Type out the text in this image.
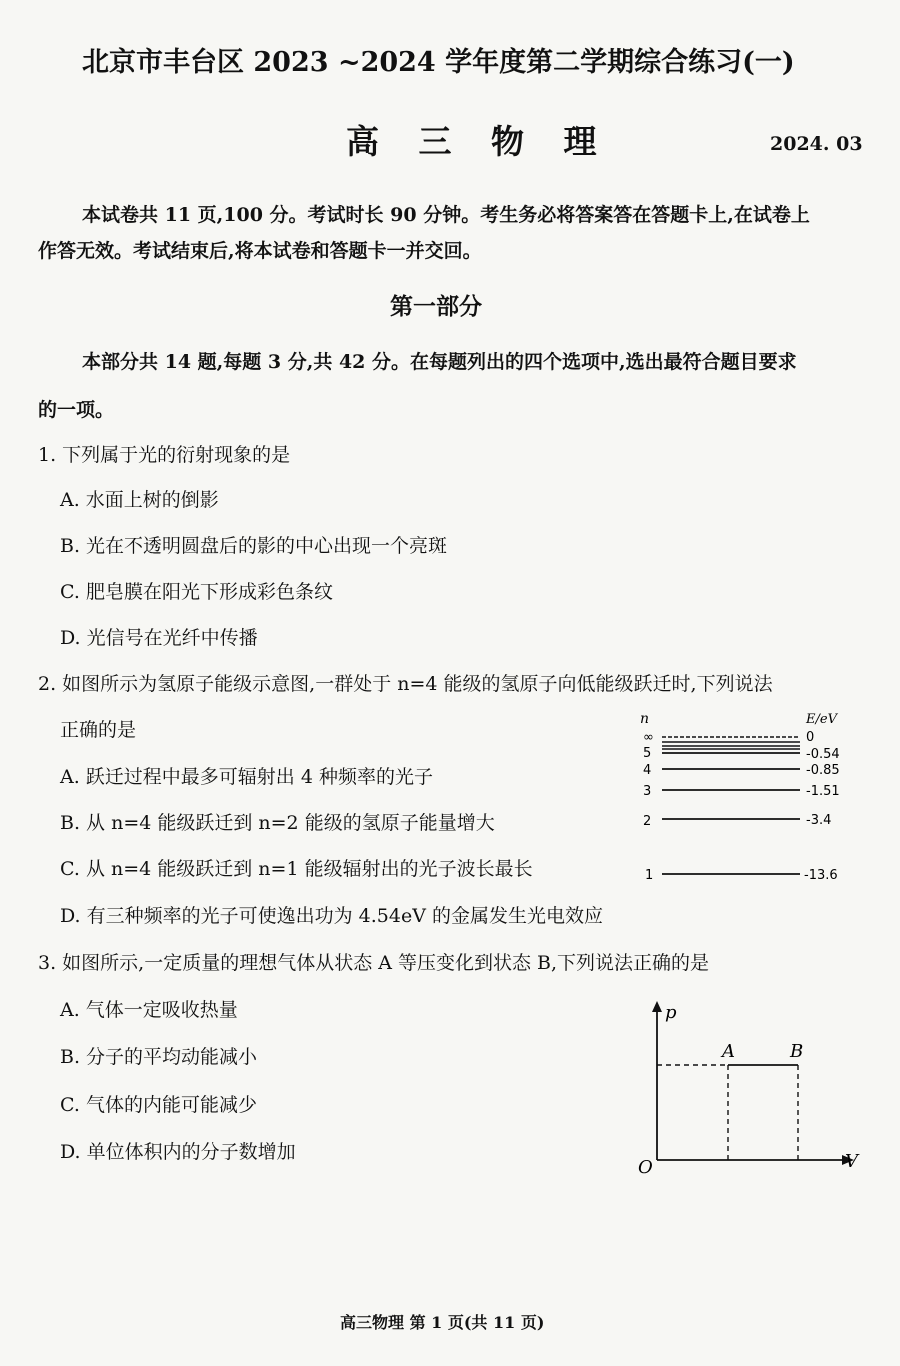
北京市丰台区 2023 ~2024 学年度第二学期综合练习(一)
高 三 物 理	2024. 03
本试卷共 11 页,100 分。考试时长 90 分钟。考生务必将答案答在答题卡上,在试卷上
作答无效。考试结束后,将本试卷和答题卡一并交回。
第一部分
本部分共 14 题,每题 3 分,共 42 分。在每题列出的四个选项中,选出最符合题目要求
的一项。
1. 下列属于光的衍射现象的是
A. 水面上树的倒影
B. 光在不透明圆盘后的影的中心出现一个亮斑
C. 肥皂膜在阳光下形成彩色条纹
D. 光信号在光纤中传播
2. 如图所示为氢原子能级示意图,一群处于 n=4 能级的氢原子向低能级跃迁时,下列说法
正确的是
A. 跃迁过程中最多可辐射出 4 种频率的光子
B. 从 n=4 能级跃迁到 n=2 能级的氢原子能量增大
C. 从 n=4 能级跃迁到 n=1 能级辐射出的光子波长最长
D. 有三种频率的光子可使逸出功为 4.54eV 的金属发生光电效应
n	E/eV
∞
5
4
3
2
1
0
-0.54
-0.85
-1.51
-3.4
-13.6
3. 如图所示,一定质量的理想气体从状态 A 等压变化到状态 B,下列说法正确的是
A. 气体一定吸收热量
B. 分子的平均动能减小
C. 气体的内能可能减少
D. 单位体积内的分子数增加
p
V
O
A	B
高三物理 第 1 页(共 11 页)
